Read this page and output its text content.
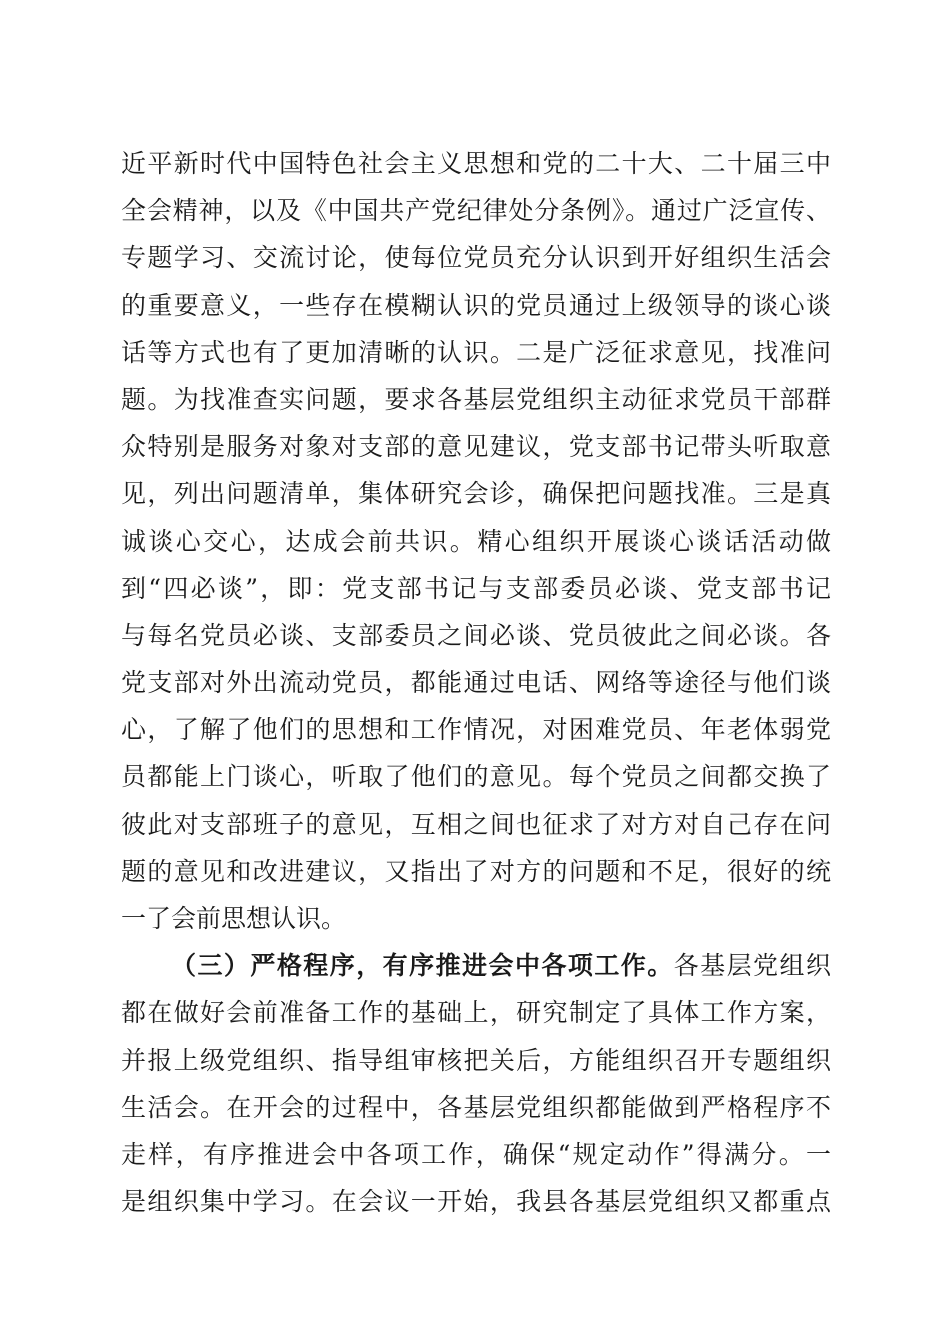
近平新时代中国特色社会主义思想和党的二十大、二十届三中
全会精神，以及《中国共产党纪律处分条例》。通过广泛宣传、
专题学习、交流讨论，使每位党员充分认识到开好组织生活会
的重要意义，一些存在模糊认识的党员通过上级领导的谈心谈
话等方式也有了更加清晰的认识。二是广泛征求意见，找准问
题。为找准查实问题，要求各基层党组织主动征求党员干部群
众特别是服务对象对支部的意见建议，党支部书记带头听取意
见，列出问题清单，集体研究会诊，确保把问题找准。三是真
诚谈心交心，达成会前共识。精心组织开展谈心谈话活动做
到“四必谈”，即：党支部书记与支部委员必谈、党支部书记
与每名党员必谈、支部委员之间必谈、党员彼此之间必谈。各
党支部对外出流动党员，都能通过电话、网络等途径与他们谈
心，了解了他们的思想和工作情况，对困难党员、年老体弱党
员都能上门谈心，听取了他们的意见。每个党员之间都交换了
彼此对支部班子的意见，互相之间也征求了对方对自己存在问
题的意见和改进建议，又指出了对方的问题和不足，很好的统
一了会前思想认识。
（三）严格程序，有序推进会中各项工作。各基层党组织
都在做好会前准备工作的基础上，研究制定了具体工作方案，
并报上级党组织、指导组审核把关后，方能组织召开专题组织
生活会。在开会的过程中，各基层党组织都能做到严格程序不
走样，有序推进会中各项工作，确保“规定动作”得满分。一
是组织集中学习。在会议一开始，我县各基层党组织又都重点
